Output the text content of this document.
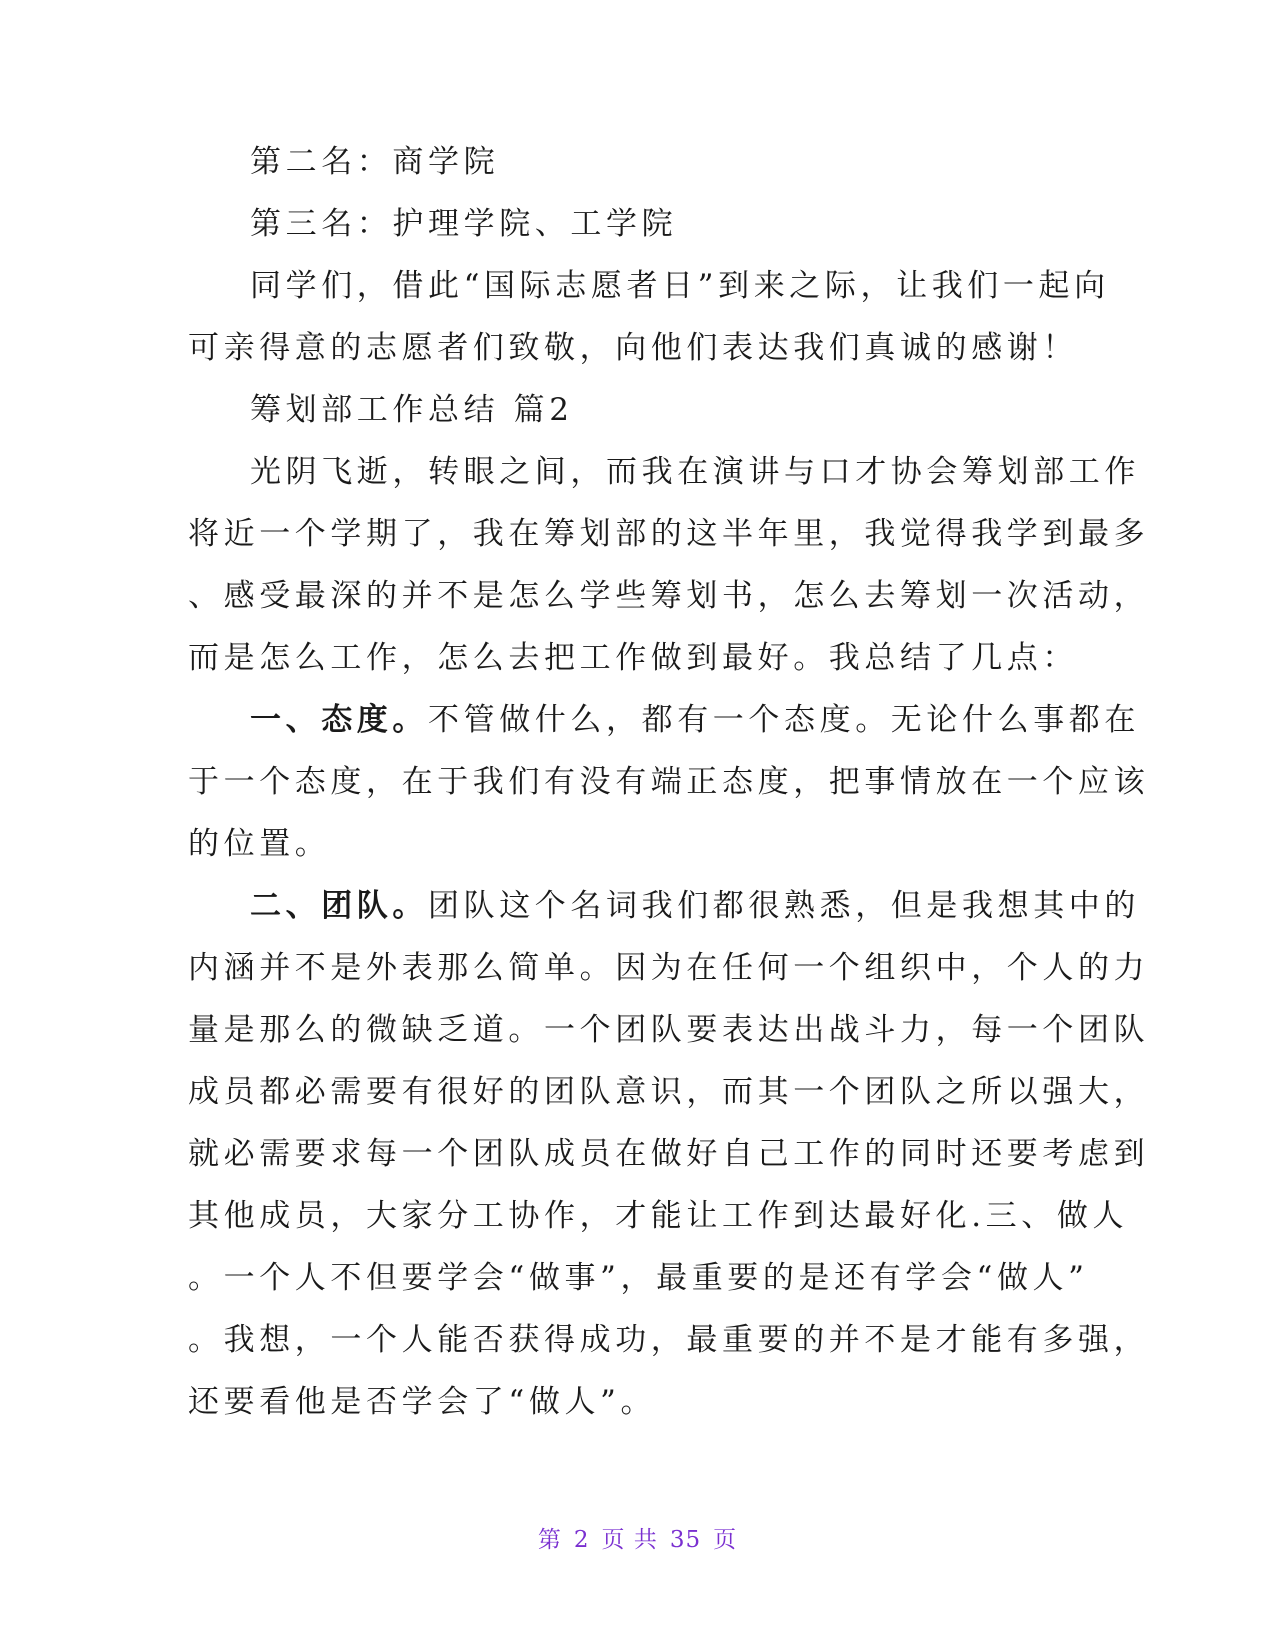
第二名：商学院
第三名：护理学院、工学院
同学们，借此“国际志愿者日”到来之际，让我们一起向
可亲得意的志愿者们致敬，向他们表达我们真诚的感谢！
筹划部工作总结 篇2
光阴飞逝，转眼之间，而我在演讲与口才协会筹划部工作
将近一个学期了，我在筹划部的这半年里，我觉得我学到最多
、感受最深的并不是怎么学些筹划书，怎么去筹划一次活动，
而是怎么工作，怎么去把工作做到最好。我总结了几点：
一、态度。不管做什么，都有一个态度。无论什么事都在
于一个态度，在于我们有没有端正态度，把事情放在一个应该
的位置。
二、团队。团队这个名词我们都很熟悉，但是我想其中的
内涵并不是外表那么简单。因为在任何一个组织中，个人的力
量是那么的微缺乏道。一个团队要表达出战斗力，每一个团队
成员都必需要有很好的团队意识，而其一个团队之所以强大，
就必需要求每一个团队成员在做好自己工作的同时还要考虑到
其他成员，大家分工协作，才能让工作到达最好化.三、做人
。一个人不但要学会“做事”，最重要的是还有学会“做人”
。我想，一个人能否获得成功，最重要的并不是才能有多强，
还要看他是否学会了“做人”。
第 2 页 共 35 页
